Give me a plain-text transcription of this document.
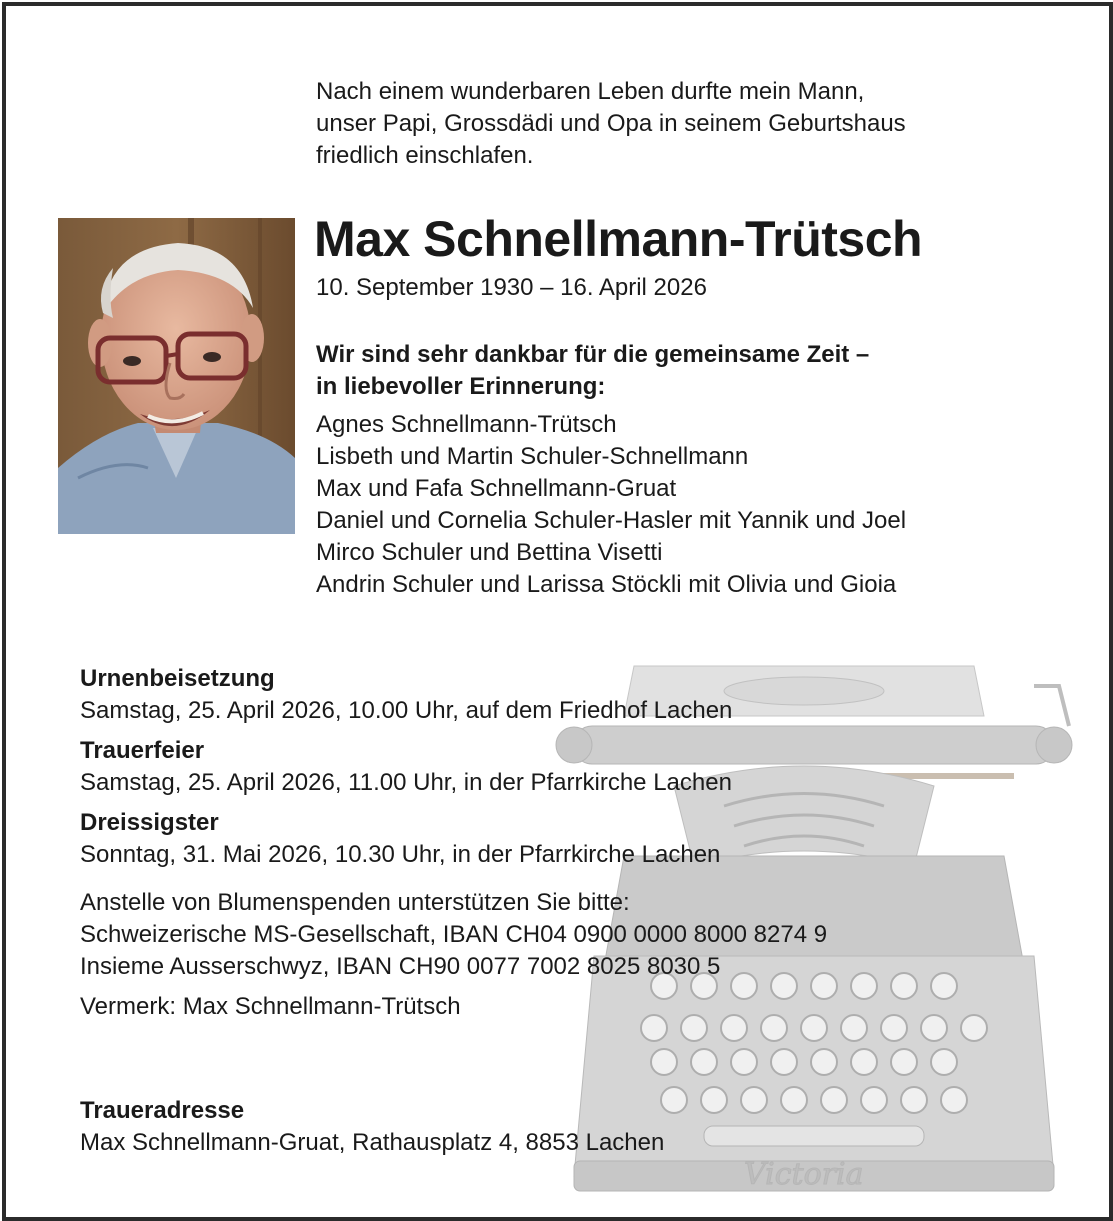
Nach einem wunderbaren Leben durfte mein Mann,
unser Papi, Grossdädi und Opa in seinem Geburtshaus
friedlich einschlafen.
Max Schnellmann-Trütsch
10. September 1930 – 16. April 2026
Wir sind sehr dankbar für die gemeinsame Zeit –
in liebevoller Erinnerung:
Agnes Schnellmann-Trütsch
Lisbeth und Martin Schuler-Schnellmann
Max und Fafa Schnellmann-Gruat
Daniel und Cornelia Schuler-Hasler mit Yannik und Joel
Mirco Schuler und Bettina Visetti
Andrin Schuler und Larissa Stöckli mit Olivia und Gioia
Victoria
Urnenbeisetzung
Samstag, 25. April 2026, 10.00 Uhr, auf dem Friedhof Lachen
Trauerfeier
Samstag, 25. April 2026, 11.00 Uhr, in der Pfarrkirche Lachen
Dreissigster
Sonntag, 31. Mai 2026, 10.30 Uhr, in der Pfarrkirche Lachen
Anstelle von Blumenspenden unterstützen Sie bitte:
Schweizerische MS-Gesellschaft, IBAN CH04 0900 0000 8000 8274 9
Insieme Ausserschwyz, IBAN CH90 0077 7002 8025 8030 5
Vermerk: Max Schnellmann-Trütsch
Traueradresse
Max Schnellmann-Gruat, Rathausplatz 4, 8853 Lachen
